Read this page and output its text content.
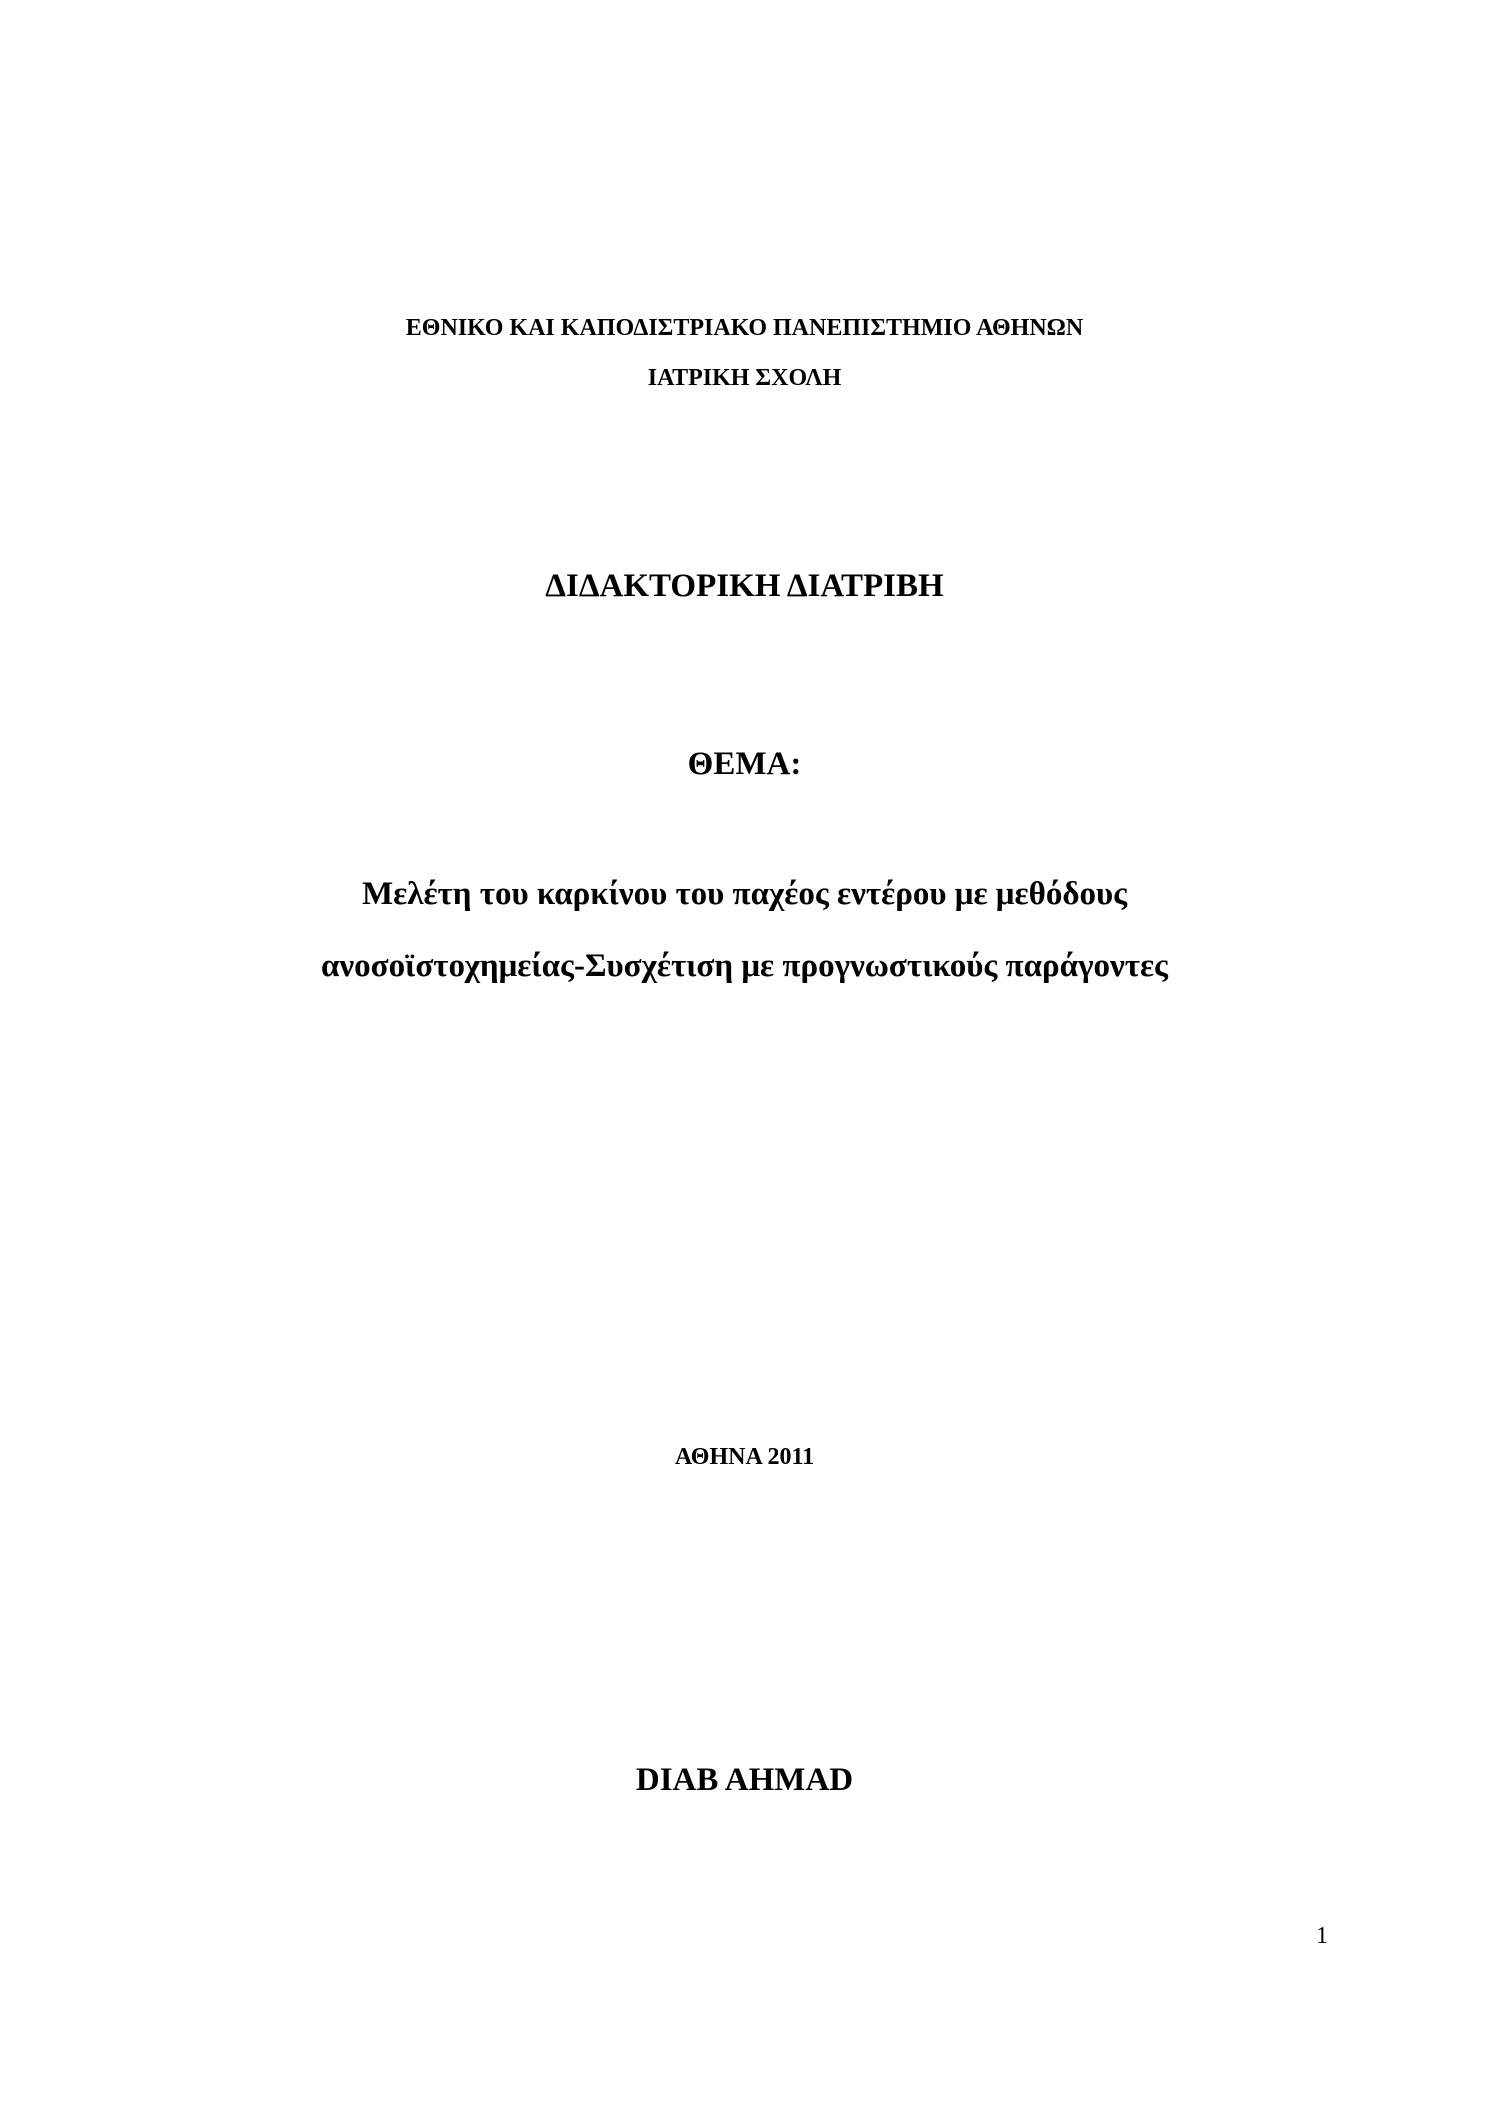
ΕΘΝΙΚΟ ΚΑΙ ΚΑΠΟΔΙΣΤΡΙΑΚΟ ΠΑΝΕΠΙΣΤΗΜΙΟ ΑΘΗΝΩΝ
ΙΑΤΡΙΚΗ ΣΧΟΛΗ
ΔΙΔΑΚΤΟΡΙΚΗ ΔΙΑΤΡΙΒΗ
ΘΕΜΑ:
Μελέτη του καρκίνου του παχέος εντέρου με μεθόδους
ανοσοϊστοχημείας-Συσχέτιση με προγνωστικούς παράγοντες
ΑΘΗΝΑ 2011
DIAB AHMAD
1
